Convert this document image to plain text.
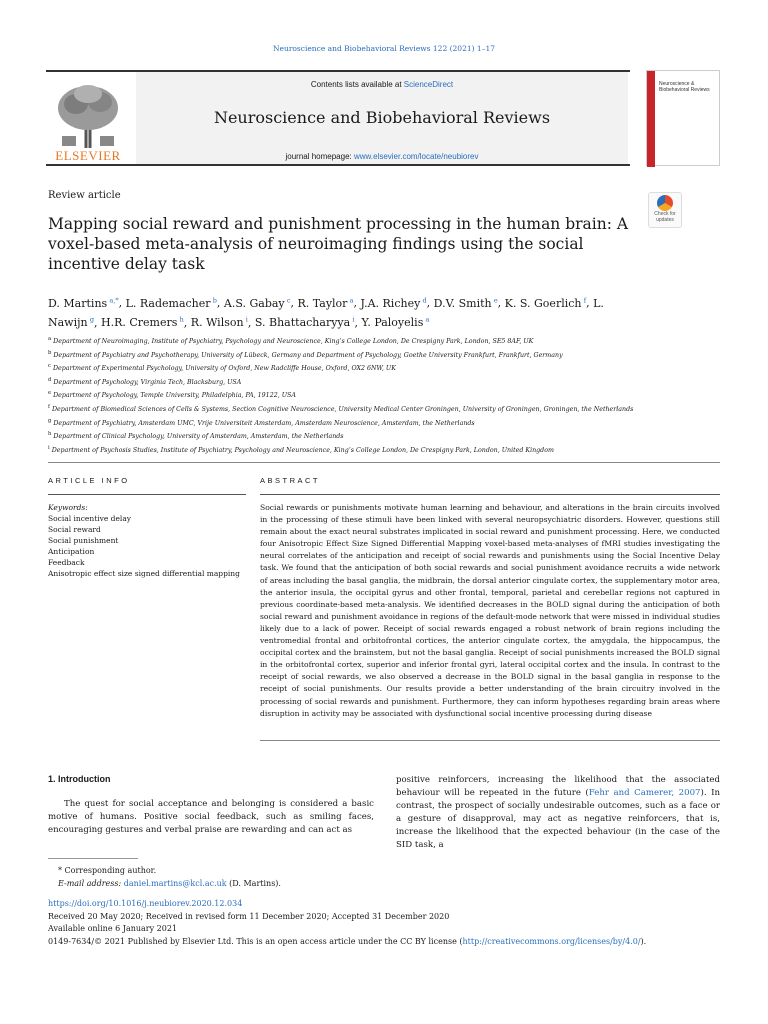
Neuroscience and Biobehavioral Reviews 122 (2021) 1–17
ELSEVIER
Contents lists available at ScienceDirect
Neuroscience and Biobehavioral Reviews
journal homepage: www.elsevier.com/locate/neubiorev
Neuroscience & Biobehavioral Reviews
Review article
Check for updates
Mapping social reward and punishment processing in the human brain: A voxel-based meta-analysis of neuroimaging findings using the social incentive delay task
D. Martins  $^{a,*}$, L. Rademacher  $^b$, A.S. Gabay  $^c$, R. Taylor  $^a$, J.A. Richey  $^d$, D.V. Smith  $^e$, K. S. Goerlich  $^f$, L. Nawijn  $^g$, H.R. Cremers  $^h$, R. Wilson  $^i$, S. Bhattacharyya  $^i$, Y. Paloyelis  $^a$
$^a$ Department of Neuroimaging, Institute of Psychiatry, Psychology and Neuroscience, King’s College London, De Crespigny Park, London, SE5 8AF, UK
$^b$ Department of Psychiatry and Psychotherapy, University of Lübeck, Germany and Department of Psychology, Goethe University Frankfurt, Frankfurt, Germany
$^c$ Department of Experimental Psychology, University of Oxford, New Radcliffe House, Oxford, OX2 6NW, UK
$^d$ Department of Psychology, Virginia Tech, Blacksburg, USA
$^e$ Department of Psychology, Temple University, Philadelphia, PA, 19122, USA
$^f$ Department of Biomedical Sciences of Cells & Systems, Section Cognitive Neuroscience, University Medical Center Groningen, University of Groningen, Groningen, the Netherlands
$^g$ Department of Psychiatry, Amsterdam UMC, Vrije Universiteit Amsterdam, Amsterdam Neuroscience, Amsterdam, the Netherlands
$^h$ Department of Clinical Psychology, University of Amsterdam, Amsterdam, the Netherlands
$^i$ Department of Psychosis Studies, Institute of Psychiatry, Psychology and Neuroscience, King’s College London, De Crespigny Park, London, United Kingdom
ARTICLE INFO	ABSTRACT
Keywords:
Social incentive delay
Social reward
Social punishment
Anticipation
Feedback
Anisotropic effect size signed differential mapping
Social rewards or punishments motivate human learning and behaviour, and alterations in the brain circuits involved in the processing of these stimuli have been linked with several neuropsychiatric disorders. However, questions still remain about the exact neural substrates implicated in social reward and punishment processing. Here, we conducted four Anisotropic Effect Size Signed Differential Mapping voxel-based meta-analyses of fMRI studies investigating the neural correlates of the anticipation and receipt of social rewards and punishments using the Social Incentive Delay task. We found that the anticipation of both social rewards and social punishment avoidance recruits a wide network of areas including the basal ganglia, the midbrain, the dorsal anterior cingulate cortex, the supplementary motor area, the anterior insula, the occipital gyrus and other frontal, temporal, parietal and cerebellar regions not captured in previous coordinate-based meta-analysis. We identified decreases in the BOLD signal during the anticipation of both social reward and punishment avoidance in regions of the default-mode network that were missed in individual studies likely due to a lack of power. Receipt of social rewards engaged a robust network of brain regions including the ventromedial frontal and orbitofrontal cortices, the anterior cingulate cortex, the amygdala, the hippocampus, the occipital cortex and the brainstem, but not the basal ganglia. Receipt of social punishments increased the BOLD signal in the orbitofrontal cortex, superior and inferior frontal gyri, lateral occipital cortex and the insula. In contrast to the receipt of social rewards, we also observed a decrease in the BOLD signal in the basal ganglia in response to the receipt of social punishments. Our results provide a better understanding of the brain circuitry involved in the processing of social rewards and punishment. Furthermore, they can inform hypotheses regarding brain areas where disruption in activity may be associated with dysfunctional social incentive processing during disease
1. Introduction
The quest for social acceptance and belonging is considered a basic motive of humans. Positive social feedback, such as smiling faces, encouraging gestures and verbal praise are rewarding and can act as
positive reinforcers, increasing the likelihood that the associated behaviour will be repeated in the future (Fehr and Camerer, 2007). In contrast, the prospect of socially undesirable outcomes, such as a face or a gesture of disapproval, may act as negative reinforcers, that is, increase the likelihood that the expected behaviour (in the case of the SID task, a
* Corresponding author.
E-mail address: daniel.martins@kcl.ac.uk (D. Martins).
https://doi.org/10.1016/j.neubiorev.2020.12.034
Received 20 May 2020; Received in revised form 11 December 2020; Accepted 31 December 2020
Available online 6 January 2021
0149-7634/© 2021 Published by Elsevier Ltd. This is an open access article under the CC BY license (http://creativecommons.org/licenses/by/4.0/).
